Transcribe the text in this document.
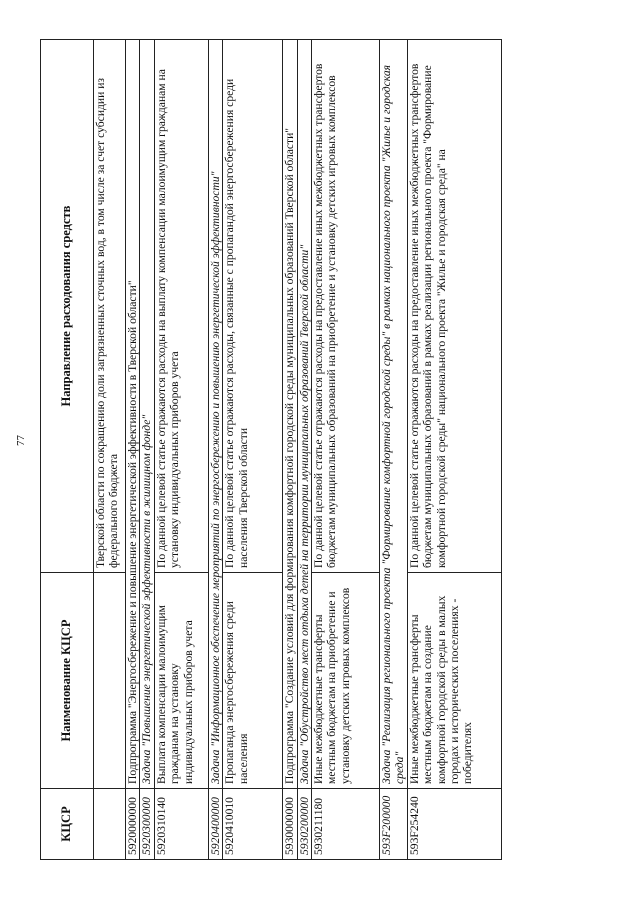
77
КЦСР	Наименование КЦСР	Направление расходования средств
		Тверской области по сокращению доли загрязненных сточных вод, в том числе за счет субсидии из федерального бюджета
5920000000	Подпрограмма "Энергосбережение и повышение энергетической эффективности в Тверской области"	
5920300000	Задача "Повышение энергетической эффективности в жилищном фонде"	
5920310140	Выплата компенсации малоимущим гражданам на установку индивидуальных приборов учета	По данной целевой статье отражаются расходы на выплату компенсации малоимущим гражданам на установку индивидуальных приборов учета
5920400000	Задача "Информационное обеспечение мероприятий по энергосбережению и повышению энергетической эффективности"	
5920410010	Пропаганда энергосбережения среди населения	По данной целевой статье отражаются расходы, связанные с пропагандой энергосбережения среди населения Тверской области
5930000000	Подпрограмма "Создание условий для формирования комфортной городской среды муниципальных образований Тверской области"	
5930200000	Задача "Обустройство мест отдыха детей на территории муниципальных образований Тверской области"	
5930211180	Иные межбюджетные трансферты местным бюджетам на приобретение и установку детских игровых комплексов	По данной целевой статье отражаются расходы на предоставление иных межбюджетных трансфертов бюджетам муниципальных образований на приобретение и установку детских игровых комплексов
593F200000	Задача "Реализация регионального проекта "Формирование комфортной городской среды" в рамках национального проекта "Жилье и городская среда"	
593F254240	Иные межбюджетные трансферты местным бюджетам на создание комфортной городской среды в малых городах и исторических поселениях - победителях	По данной целевой статье отражаются расходы на предоставление иных межбюджетных трансфертов бюджетам муниципальных образований в рамках реализации регионального проекта "Формирование комфортной городской среды" национального проекта "Жилье и городская среда" на
